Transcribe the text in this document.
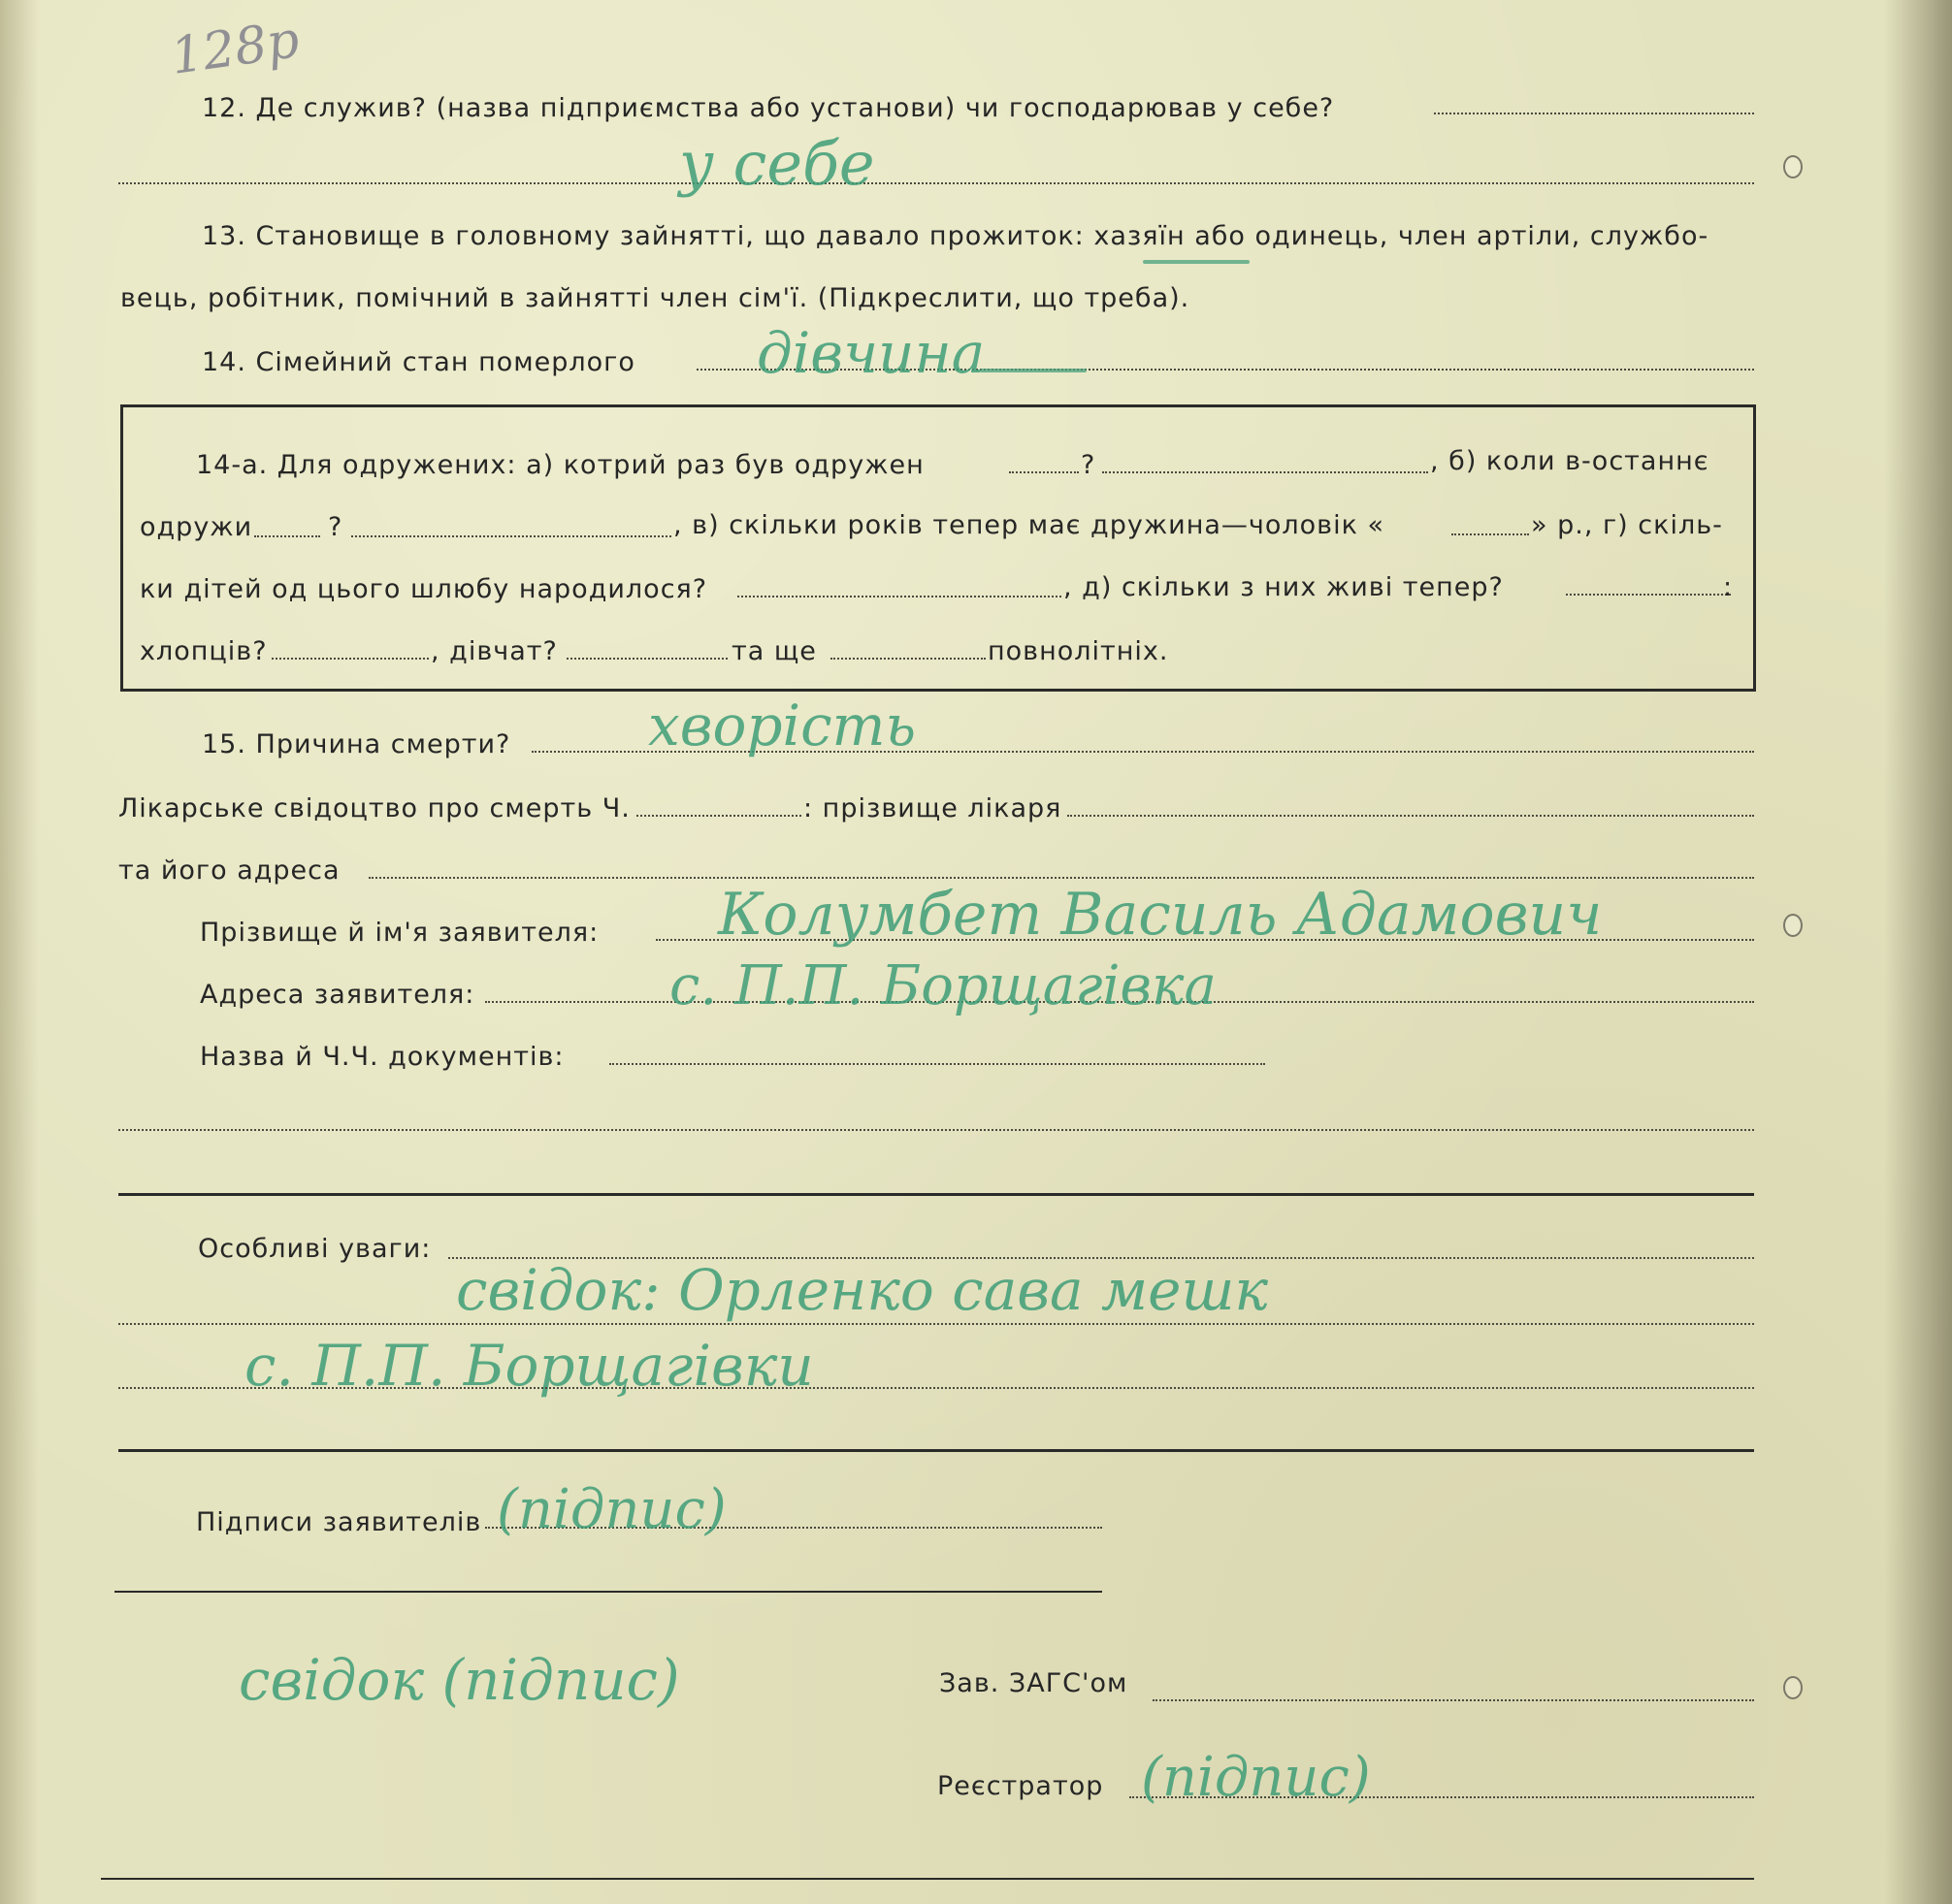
128р
12. Де служив? (назва підприємства або установи) чи господарював у себе?
у себе
13. Становище в головному зайнятті, що давало прожиток: хазяїн або одинець, член артіли, службо-
вець, робітник, помічний в зайнятті член сім'ї. (Підкреслити, що треба).
14. Сімейний стан померлого дівчина
14-а. Для одружених: а) котрий раз був одружен	?	, б) коли в-останнє
одружи	?	, в) скільки років тепер має дружина—чоловік «	» р., г) скіль-
ки дітей од цього шлюбу народилося?	, д) скільки з них живі тепер?	:
хлопців?	, дівчат?	та ще	повнолітніх.
15. Причина смерти? хворість
Лікарське свідоцтво про смерть Ч.	: прізвище лікаря
та його адреса
Прізвище й ім'я заявителя: Колумбет Василь Адамович
Адреса заявителя:	с. П.П. Борщагівка
Назва й Ч.Ч. документів:
Особливі уваги:
свідок: Орленко сава мешк
с. П.П. Борщагівки
Підписи заявителів (підпис)
свідок (підпис)	Зав. ЗАГС'ом
Реєстратор (підпис)
